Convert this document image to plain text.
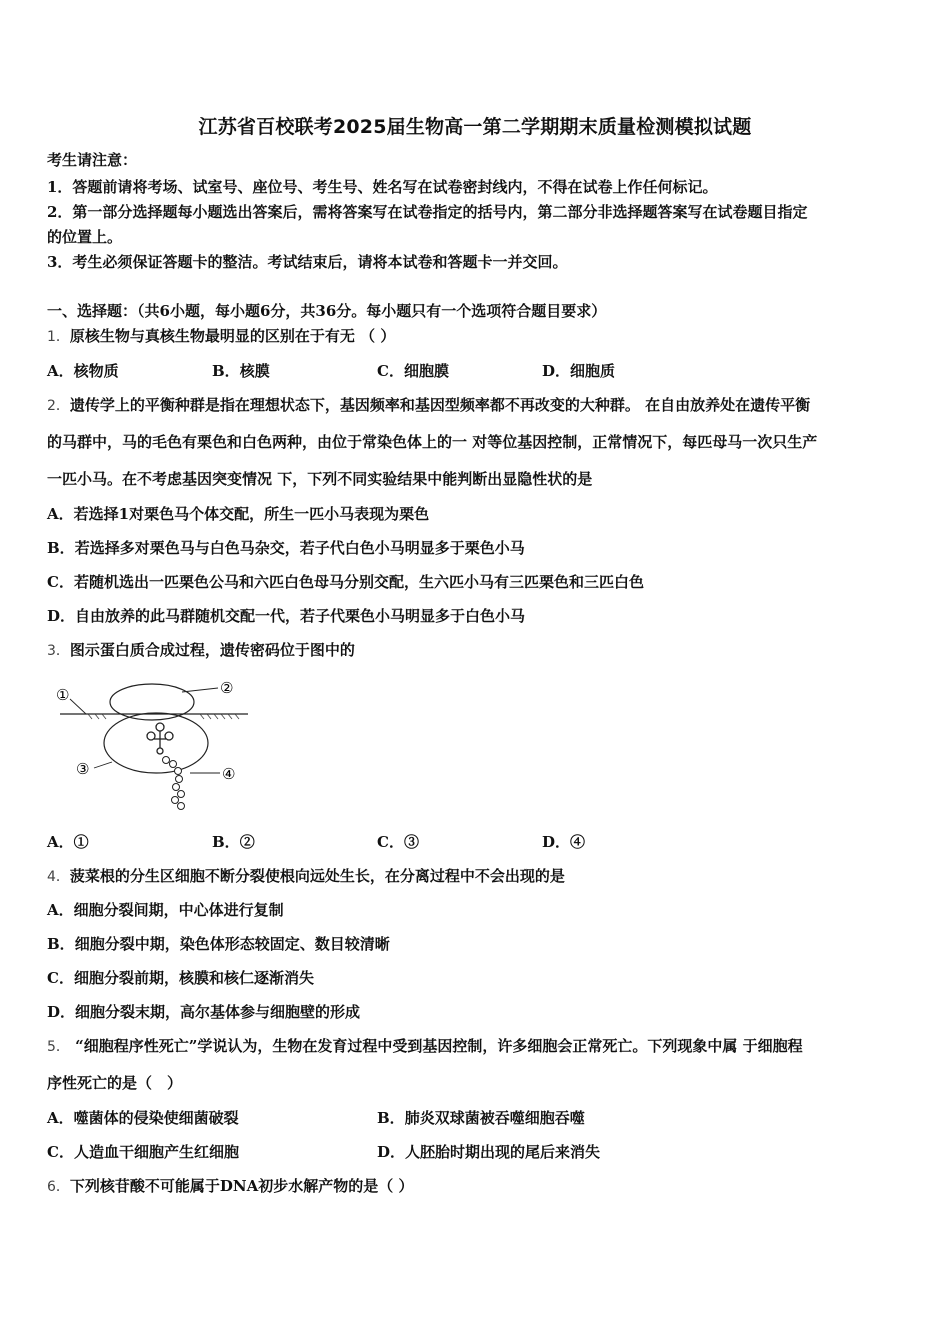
江苏省百校联考2025届生物高一第二学期期末质量检测模拟试题
考生请注意：
1．答题前请将考场、试室号、座位号、考生号、姓名写在试卷密封线内，不得在试卷上作任何标记。
2．第一部分选择题每小题选出答案后，需将答案写在试卷指定的括号内，第二部分非选择题答案写在试卷题目指定
的位置上。
3．考生必须保证答题卡的整洁。考试结束后，请将本试卷和答题卡一并交回。
一、选择题：（共6小题，每小题6分，共36分。每小题只有一个选项符合题目要求）
1．原核生物与真核生物最明显的区别在于有无 （ ）
A．核物质	B．核膜	C．细胞膜	D．细胞质
2．遗传学上的平衡种群是指在理想状态下，基因频率和基因型频率都不再改变的大种群。 在自由放养处在遗传平衡
的马群中，马的毛色有栗色和白色两种，由位于常染色体上的一 对等位基因控制，正常情况下，每匹母马一次只生产
一匹小马。在不考虑基因突变情况 下，下列不同实验结果中能判断出显隐性状的是
A．若选择1对栗色马个体交配，所生一匹小马表现为栗色
B．若选择多对栗色马与白色马杂交，若子代白色小马明显多于栗色小马
C．若随机选出一匹栗色公马和六匹白色母马分别交配，生六匹小马有三匹栗色和三匹白色
D．自由放养的此马群随机交配一代，若子代栗色小马明显多于白色小马
3．图示蛋白质合成过程，遗传密码位于图中的
①	②
③	④
A．①	B．②	C．③	D．④
4．菠菜根的分生区细胞不断分裂使根向远处生长，在分离过程中不会出现的是
A．细胞分裂间期，中心体进行复制
B．细胞分裂中期，染色体形态较固定、数目较清晰
C．细胞分裂前期，核膜和核仁逐渐消失
D．细胞分裂末期，高尔基体参与细胞壁的形成
5． “细胞程序性死亡”学说认为，生物在发育过程中受到基因控制，许多细胞会正常死亡。下列现象中属 于细胞程
序性死亡的是（　）
A．噬菌体的侵染使细菌破裂	B．肺炎双球菌被吞噬细胞吞噬
C．人造血干细胞产生红细胞	D．人胚胎时期出现的尾后来消失
6．下列核苷酸不可能属于DNA初步水解产物的是（ ）
